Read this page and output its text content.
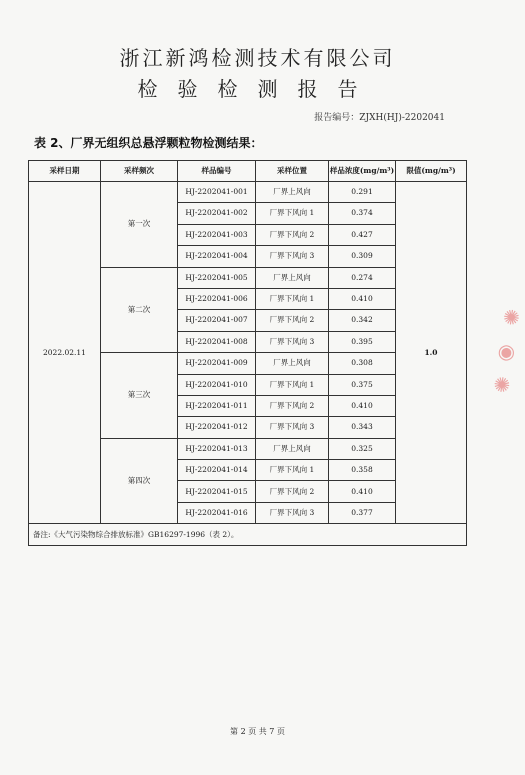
浙江新鸿检测技术有限公司
检验检测报告
报告编号：ZJXH(HJ)-2202041
表 2、厂界无组织总悬浮颗粒物检测结果：
采样日期	采样频次	样品编号	采样位置	样品浓度(mg/m³)	限值(mg/m³)
2022.02.11	第一次	HJ-2202041-001	厂界上风向	0.291	1.0
		HJ-2202041-002	厂界下风向 1	0.374	
		HJ-2202041-003	厂界下风向 2	0.427	
		HJ-2202041-004	厂界下风向 3	0.309	
	第二次	HJ-2202041-005	厂界上风向	0.274	
		HJ-2202041-006	厂界下风向 1	0.410	
		HJ-2202041-007	厂界下风向 2	0.342	
		HJ-2202041-008	厂界下风向 3	0.395	
	第三次	HJ-2202041-009	厂界上风向	0.308	
		HJ-2202041-010	厂界下风向 1	0.375	
		HJ-2202041-011	厂界下风向 2	0.410	
		HJ-2202041-012	厂界下风向 3	0.343	
	第四次	HJ-2202041-013	厂界上风向	0.325	
		HJ-2202041-014	厂界下风向 1	0.358	
		HJ-2202041-015	厂界下风向 2	0.410	
		HJ-2202041-016	厂界下风向 3	0.377	
备注:《大气污染物综合排放标准》GB16297-1996（表 2）。					
✺
◉
✺
第 2 页 共 7 页
